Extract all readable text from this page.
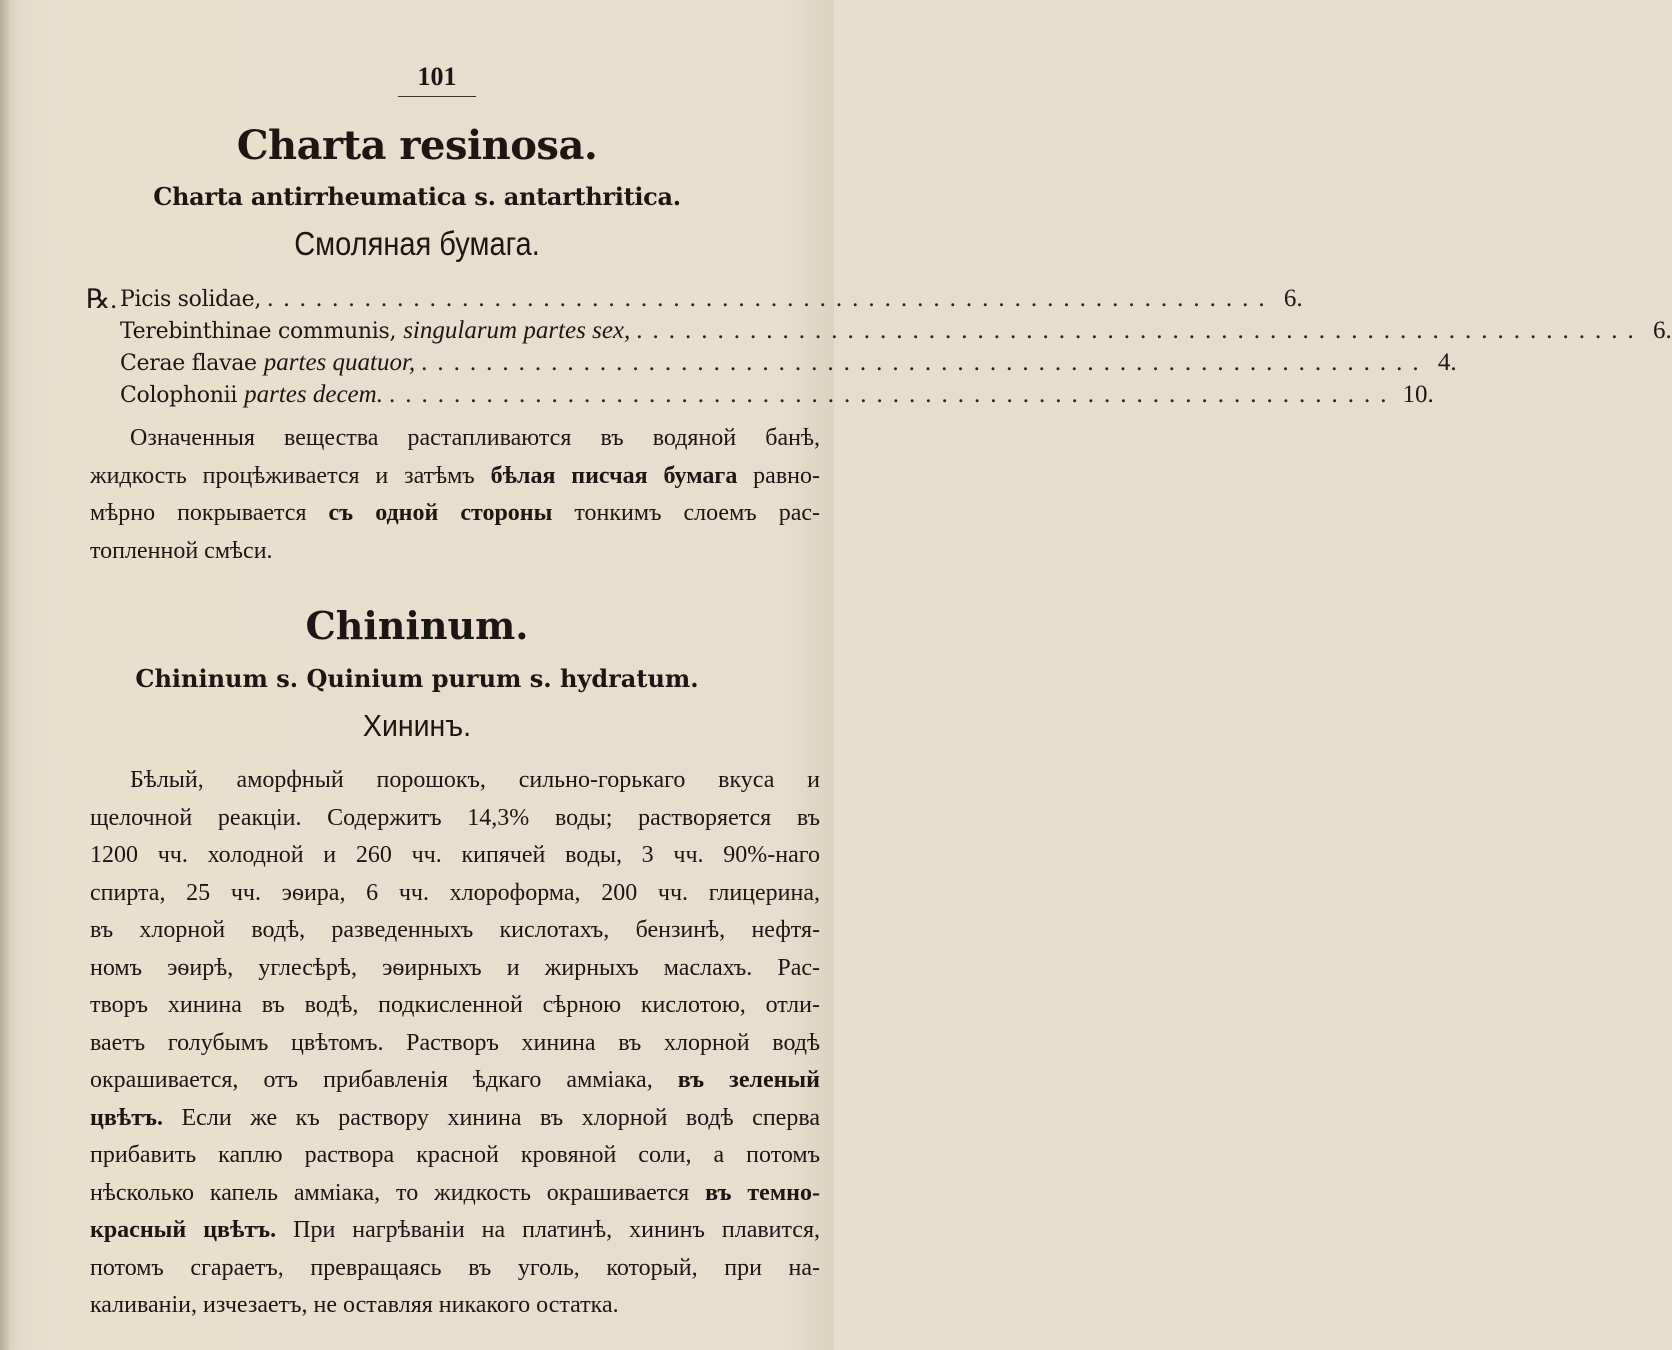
101
Charta resinosa.
Charta antirrheumatica s. antarthritica.
Смоляная бумага.
℞. Picis solidae, .............................................................. 6.
Terebinthinae communis, singularum partes sex, .............................................................. 6.
Cerae flavae partes quatuor, .............................................................. 4.
Colophonii partes decem. .............................................................. 10.
Означенныя вещества растапливаются въ водяной банѣ,
жидкость процѣживается и затѣмъ бѣлая писчая бумага равно-
мѣрно покрывается съ одной стороны тонкимъ слоемъ рас-
топленной смѣси.
Chininum.
Chininum s. Quinium purum s. hydratum.
Хининъ.
Бѣлый, аморфный порошокъ, сильно-горькаго вкуса и
щелочной реакціи. Содержитъ 14,3% воды; растворяется въ
1200 чч. холодной и 260 чч. кипячей воды, 3 чч. 90%-наго
спирта, 25 чч. эѳира, 6 чч. хлороформа, 200 чч. глицерина,
въ хлорной водѣ, разведенныхъ кислотахъ, бензинѣ, нефтя-
номъ эѳирѣ, углесѣрѣ, эѳирныхъ и жирныхъ маслахъ. Рас-
творъ хинина въ водѣ, подкисленной сѣрною кислотою, отли-
ваетъ голубымъ цвѣтомъ. Растворъ хинина въ хлорной водѣ
окрашивается, отъ прибавленія ѣдкаго аммiака, въ зеленый
цвѣтъ. Если же къ раствору хинина въ хлорной водѣ сперва
прибавить каплю раствора красной кровяной соли, а потомъ
нѣсколько капель аммiака, то жидкость окрашивается въ темно-
красный цвѣтъ. При нагрѣваніи на платинѣ, хининъ плавится,
потомъ сгараетъ, превращаясь въ уголь, который, при на-
каливаніи, изчезаетъ, не оставляя никакого остатка.
